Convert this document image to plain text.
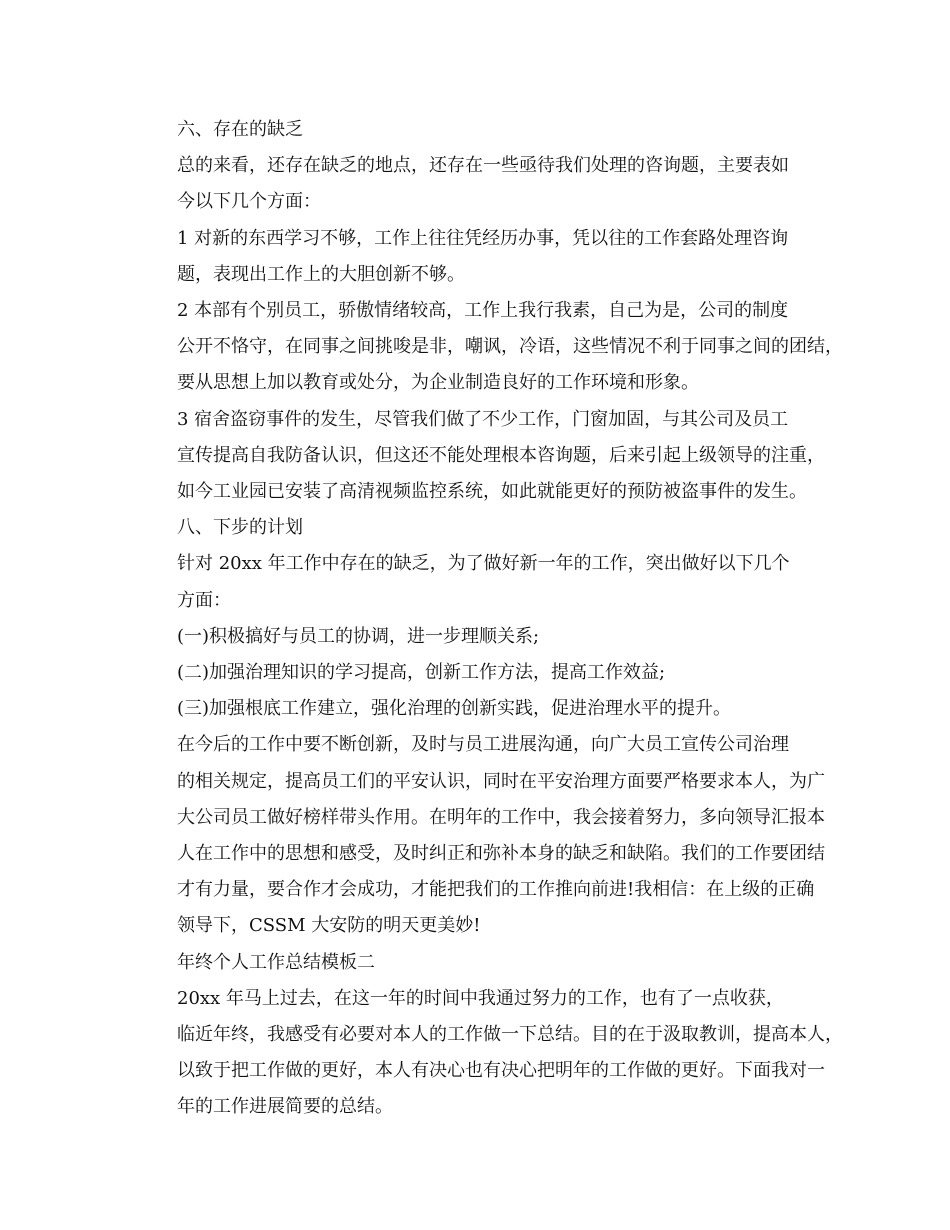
六、存在的缺乏

总的来看，还存在缺乏的地点，还存在一些亟待我们处理的咨询题，主要表如
今以下几个方面：

1 对新的东西学习不够，工作上往往凭经历办事，凭以往的工作套路处理咨询
题，表现出工作上的大胆创新不够。

2 本部有个别员工，骄傲情绪较高，工作上我行我素，自己为是，公司的制度
公开不恪守，在同事之间挑唆是非，嘲讽，冷语，这些情况不利于同事之间的团结，
要从思想上加以教育或处分，为企业制造良好的工作环境和形象。

3 宿舍盗窃事件的发生，尽管我们做了不少工作，门窗加固，与其公司及员工
宣传提高自我防备认识，但这还不能处理根本咨询题，后来引起上级领导的注重，
如今工业园已安装了高清视频监控系统，如此就能更好的预防被盗事件的发生。

八、下步的计划

针对 20xx 年工作中存在的缺乏，为了做好新一年的工作，突出做好以下几个
方面：

(一)积极搞好与员工的协调，进一步理顺关系;

(二)加强治理知识的学习提高，创新工作方法，提高工作效益;

(三)加强根底工作建立，强化治理的创新实践，促进治理水平的提升。

在今后的工作中要不断创新，及时与员工进展沟通，向广大员工宣传公司治理
的相关规定，提高员工们的平安认识，同时在平安治理方面要严格要求本人，为广
大公司员工做好榜样带头作用。在明年的工作中，我会接着努力，多向领导汇报本
人在工作中的思想和感受，及时纠正和弥补本身的缺乏和缺陷。我们的工作要团结
才有力量，要合作才会成功，才能把我们的工作推向前进!我相信：在上级的正确
领导下，CSSM 大安防的明天更美妙!

年终个人工作总结模板二

20xx 年马上过去，在这一年的时间中我通过努力的工作，也有了一点收获，
临近年终，我感受有必要对本人的工作做一下总结。目的在于汲取教训，提高本人，
以致于把工作做的更好，本人有决心也有决心把明年的工作做的更好。下面我对一
年的工作进展简要的总结。
